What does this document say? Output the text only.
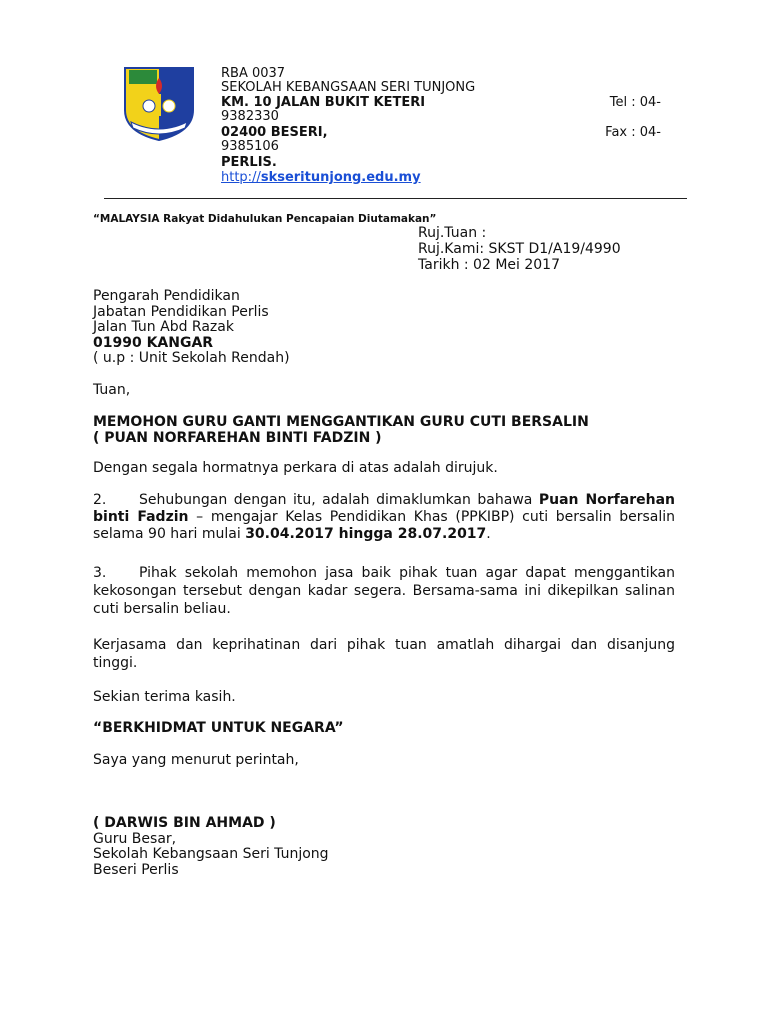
RBA 0037
SEKOLAH KEBANGSAAN SERI TUNJONG
KM. 10 JALAN BUKIT KETERI	Tel : 04-
9382330
02400 BESERI,	Fax : 04-
9385106
PERLIS.
http://skseritunjong.edu.my
“MALAYSIA Rakyat Didahulukan Pencapaian Diutamakan”
Ruj.Tuan :
Ruj.Kami: SKST D1/A19/4990
Tarikh : 02 Mei 2017
Pengarah Pendidikan
Jabatan Pendidikan Perlis
Jalan Tun Abd Razak
01990 KANGAR
( u.p : Unit Sekolah Rendah)
Tuan,
MEMOHON GURU GANTI MENGGANTIKAN GURU CUTI BERSALIN
( PUAN NORFAREHAN BINTI FADZIN )
Dengan segala hormatnya perkara di atas adalah dirujuk.
2. Sehubungan dengan itu, adalah dimaklumkan bahawa Puan Norfarehan binti Fadzin – mengajar Kelas Pendidikan Khas (PPKIBP) cuti bersalin bersalin selama 90 hari mulai 30.04.2017 hingga 28.07.2017.
3. Pihak sekolah memohon jasa baik pihak tuan agar dapat menggantikan kekosongan tersebut dengan kadar segera. Bersama-sama ini dikepilkan salinan cuti bersalin beliau.
Kerjasama dan keprihatinan dari pihak tuan amatlah dihargai dan disanjung tinggi.
Sekian terima kasih.
“BERKHIDMAT UNTUK NEGARA”
Saya yang menurut perintah,
( DARWIS BIN AHMAD )
Guru Besar,
Sekolah Kebangsaan Seri Tunjong
Beseri Perlis
